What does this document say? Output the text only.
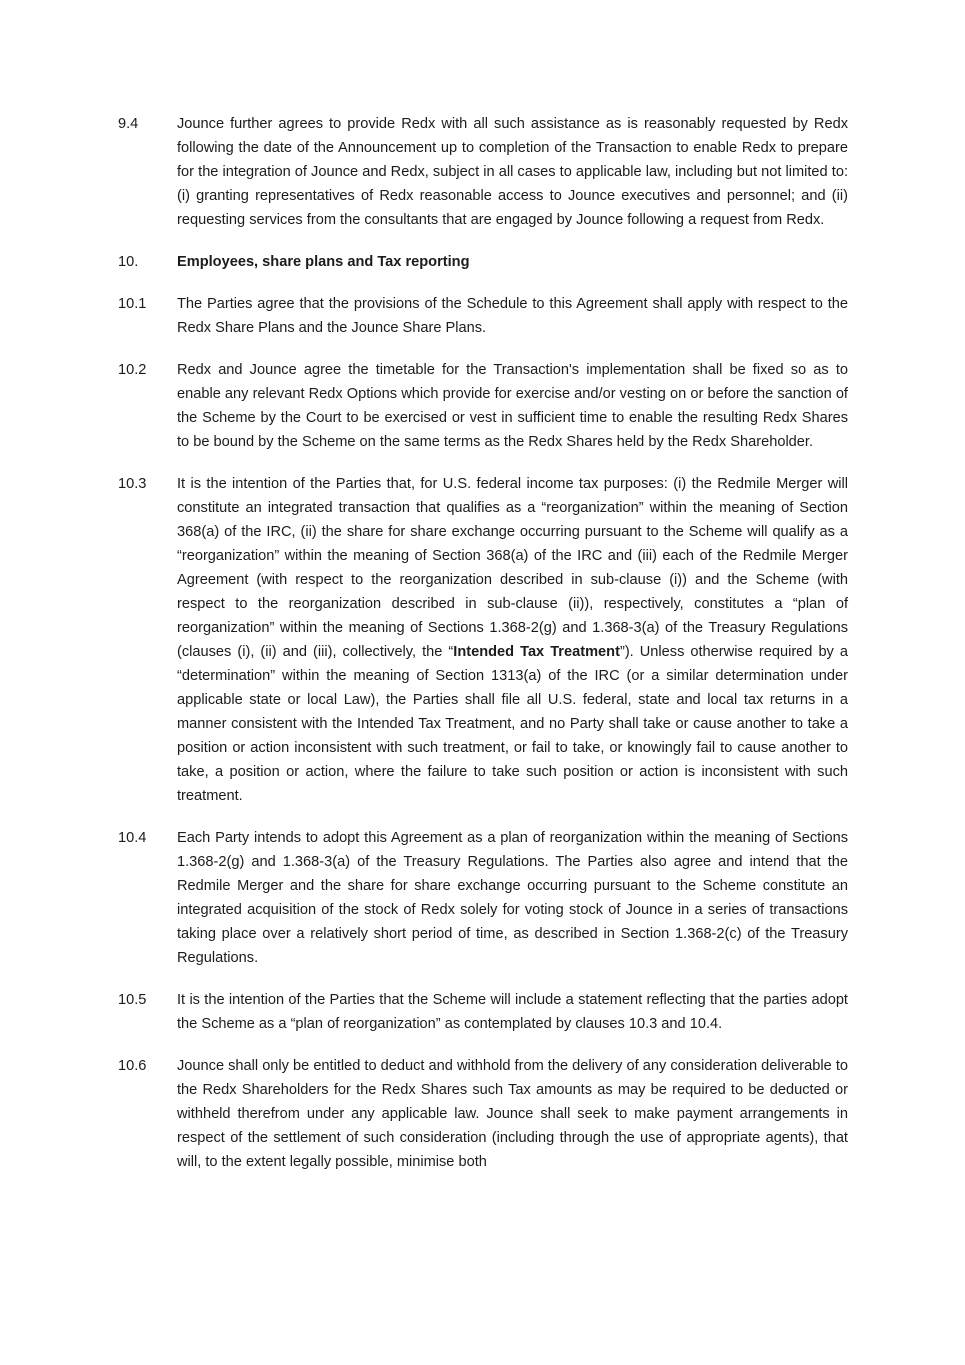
9.4	Jounce further agrees to provide Redx with all such assistance as is reasonably requested by Redx following the date of the Announcement up to completion of the Transaction to enable Redx to prepare for the integration of Jounce and Redx, subject in all cases to applicable law, including but not limited to: (i) granting representatives of Redx reasonable access to Jounce executives and personnel; and (ii) requesting services from the consultants that are engaged by Jounce following a request from Redx.
10.	Employees, share plans and Tax reporting
10.1	The Parties agree that the provisions of the Schedule to this Agreement shall apply with respect to the Redx Share Plans and the Jounce Share Plans.
10.2	Redx and Jounce agree the timetable for the Transaction's implementation shall be fixed so as to enable any relevant Redx Options which provide for exercise and/or vesting on or before the sanction of the Scheme by the Court to be exercised or vest in sufficient time to enable the resulting Redx Shares to be bound by the Scheme on the same terms as the Redx Shares held by the Redx Shareholder.
10.3	It is the intention of the Parties that, for U.S. federal income tax purposes: (i) the Redmile Merger will constitute an integrated transaction that qualifies as a “reorganization” within the meaning of Section 368(a) of the IRC, (ii) the share for share exchange occurring pursuant to the Scheme will qualify as a “reorganization” within the meaning of Section 368(a) of the IRC and (iii) each of the Redmile Merger Agreement (with respect to the reorganization described in sub-clause (i)) and the Scheme (with respect to the reorganization described in sub-clause (ii)), respectively, constitutes a “plan of reorganization” within the meaning of Sections 1.368-2(g) and 1.368-3(a) of the Treasury Regulations (clauses (i), (ii) and (iii), collectively, the “Intended Tax Treatment”). Unless otherwise required by a “determination” within the meaning of Section 1313(a) of the IRC (or a similar determination under applicable state or local Law), the Parties shall file all U.S. federal, state and local tax returns in a manner consistent with the Intended Tax Treatment, and no Party shall take or cause another to take a position or action inconsistent with such treatment, or fail to take, or knowingly fail to cause another to take, a position or action, where the failure to take such position or action is inconsistent with such treatment.
10.4	Each Party intends to adopt this Agreement as a plan of reorganization within the meaning of Sections 1.368-2(g) and 1.368-3(a) of the Treasury Regulations. The Parties also agree and intend that the Redmile Merger and the share for share exchange occurring pursuant to the Scheme constitute an integrated acquisition of the stock of Redx solely for voting stock of Jounce in a series of transactions taking place over a relatively short period of time, as described in Section 1.368-2(c) of the Treasury Regulations.
10.5	It is the intention of the Parties that the Scheme will include a statement reflecting that the parties adopt the Scheme as a “plan of reorganization” as contemplated by clauses 10.3 and 10.4.
10.6	Jounce shall only be entitled to deduct and withhold from the delivery of any consideration deliverable to the Redx Shareholders for the Redx Shares such Tax amounts as may be required to be deducted or withheld therefrom under any applicable law. Jounce shall seek to make payment arrangements in respect of the settlement of such consideration (including through the use of appropriate agents), that will, to the extent legally possible, minimise both
